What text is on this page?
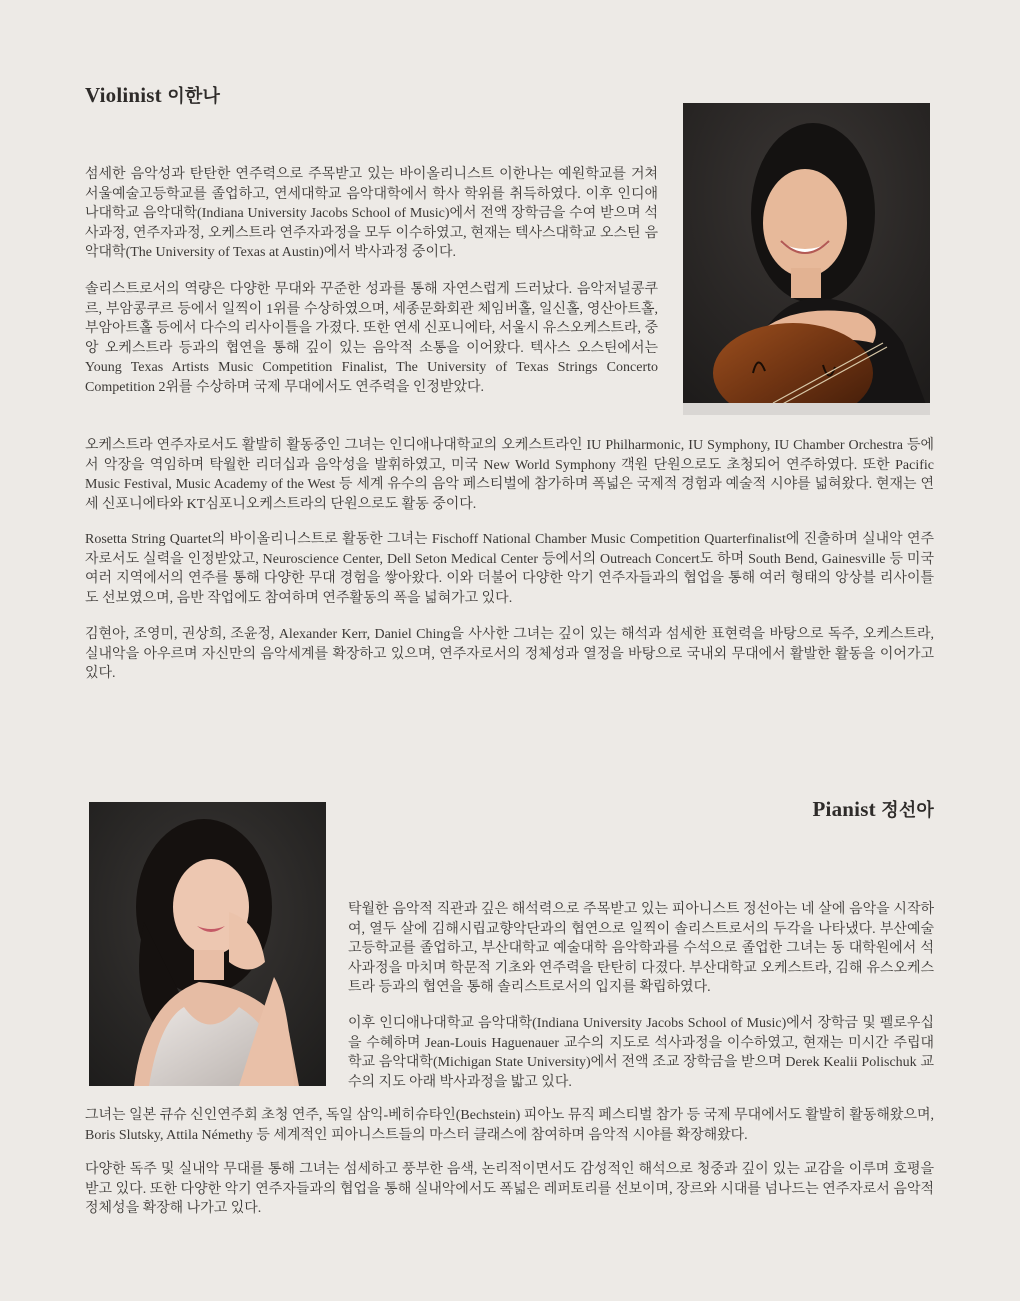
Violinist 이한나

섬세한 음악성과 탄탄한 연주력으로 주목받고 있는 바이올리니스트 이한나는 예원학교를 거쳐 서울예술고등학교를 졸업하고, 연세대학교 음악대학에서 학사 학위를 취득하였다. 이후 인디애나대학교 음악대학(Indiana University Jacobs School of Music)에서 전액 장학금을 수여 받으며 석사과정, 연주자과정, 오케스트라 연주자과정을 모두 이수하였고, 현재는 텍사스대학교 오스틴 음악대학(The University of Texas at Austin)에서 박사과정 중이다.

솔리스트로서의 역량은 다양한 무대와 꾸준한 성과를 통해 자연스럽게 드러났다. 음악저널콩쿠르, 부암콩쿠르 등에서 일찍이 1위를 수상하였으며, 세종문화회관 체임버홀, 일신홀, 영산아트홀, 부암아트홀 등에서 다수의 리사이틀을 가졌다. 또한 연세 신포니에타, 서울시 유스오케스트라, 중앙 오케스트라 등과의 협연을 통해 깊이 있는 음악적 소통을 이어왔다. 텍사스 오스틴에서는 Young Texas Artists Music Competition Finalist, The University of Texas Strings Concerto Competition 2위를 수상하며 국제 무대에서도 연주력을 인정받았다.

오케스트라 연주자로서도 활발히 활동중인 그녀는 인디애나대학교의 오케스트라인 IU Philharmonic, IU Symphony, IU Chamber Orchestra 등에서 악장을 역임하며 탁월한 리더십과 음악성을 발휘하였고, 미국 New World Symphony 객원 단원으로도 초청되어 연주하였다. 또한 Pacific Music Festival, Music Academy of the West 등 세계 유수의 음악 페스티벌에 참가하며 폭넓은 국제적 경험과 예술적 시야를 넓혀왔다. 현재는 연세 신포니에타와 KT심포니오케스트라의 단원으로도 활동 중이다.

Rosetta String Quartet의 바이올리니스트로 활동한 그녀는 Fischoff National Chamber Music Competition Quarterfinalist에 진출하며 실내악 연주자로서도 실력을 인정받았고, Neuroscience Center, Dell Seton Medical Center 등에서의 Outreach Concert도 하며 South Bend, Gainesville 등 미국 여러 지역에서의 연주를 통해 다양한 무대 경험을 쌓아왔다. 이와 더불어 다양한 악기 연주자들과의 협업을 통해 여러 형태의 앙상블 리사이틀도 선보였으며, 음반 작업에도 참여하며 연주활동의 폭을 넓혀가고 있다.

김현아, 조영미, 권상희, 조윤정, Alexander Kerr, Daniel Ching을 사사한 그녀는 깊이 있는 해석과 섬세한 표현력을 바탕으로 독주, 오케스트라, 실내악을 아우르며 자신만의 음악세계를 확장하고 있으며, 연주자로서의 정체성과 열정을 바탕으로 국내외 무대에서 활발한 활동을 이어가고 있다.

Pianist 정선아

탁월한 음악적 직관과 깊은 해석력으로 주목받고 있는 피아니스트 정선아는 네 살에 음악을 시작하여, 열두 살에 김해시립교향악단과의 협연으로 일찍이 솔리스트로서의 두각을 나타냈다. 부산예술고등학교를 졸업하고, 부산대학교 예술대학 음악학과를 수석으로 졸업한 그녀는 동 대학원에서 석사과정을 마치며 학문적 기초와 연주력을 탄탄히 다졌다. 부산대학교 오케스트라, 김해 유스오케스트라 등과의 협연을 통해 솔리스트로서의 입지를 확립하였다.

이후 인디애나대학교 음악대학(Indiana University Jacobs School of Music)에서 장학금 및 펠로우십을 수혜하며 Jean-Louis Haguenauer 교수의 지도로 석사과정을 이수하였고, 현재는 미시간 주립대학교 음악대학(Michigan State University)에서 전액 조교 장학금을 받으며 Derek Kealii Polischuk 교수의 지도 아래 박사과정을 밟고 있다.

그녀는 일본 큐슈 신인연주회 초청 연주, 독일 삼익-베히슈타인(Bechstein) 피아노 뮤직 페스티벌 참가 등 국제 무대에서도 활발히 활동해왔으며, Boris Slutsky, Attila Némethy 등 세계적인 피아니스트들의 마스터 클래스에 참여하며 음악적 시야를 확장해왔다.

다양한 독주 및 실내악 무대를 통해 그녀는 섬세하고 풍부한 음색, 논리적이면서도 감성적인 해석으로 청중과 깊이 있는 교감을 이루며 호평을 받고 있다. 또한 다양한 악기 연주자들과의 협업을 통해 실내악에서도 폭넓은 레퍼토리를 선보이며, 장르와 시대를 넘나드는 연주자로서 음악적 정체성을 확장해 나가고 있다.
